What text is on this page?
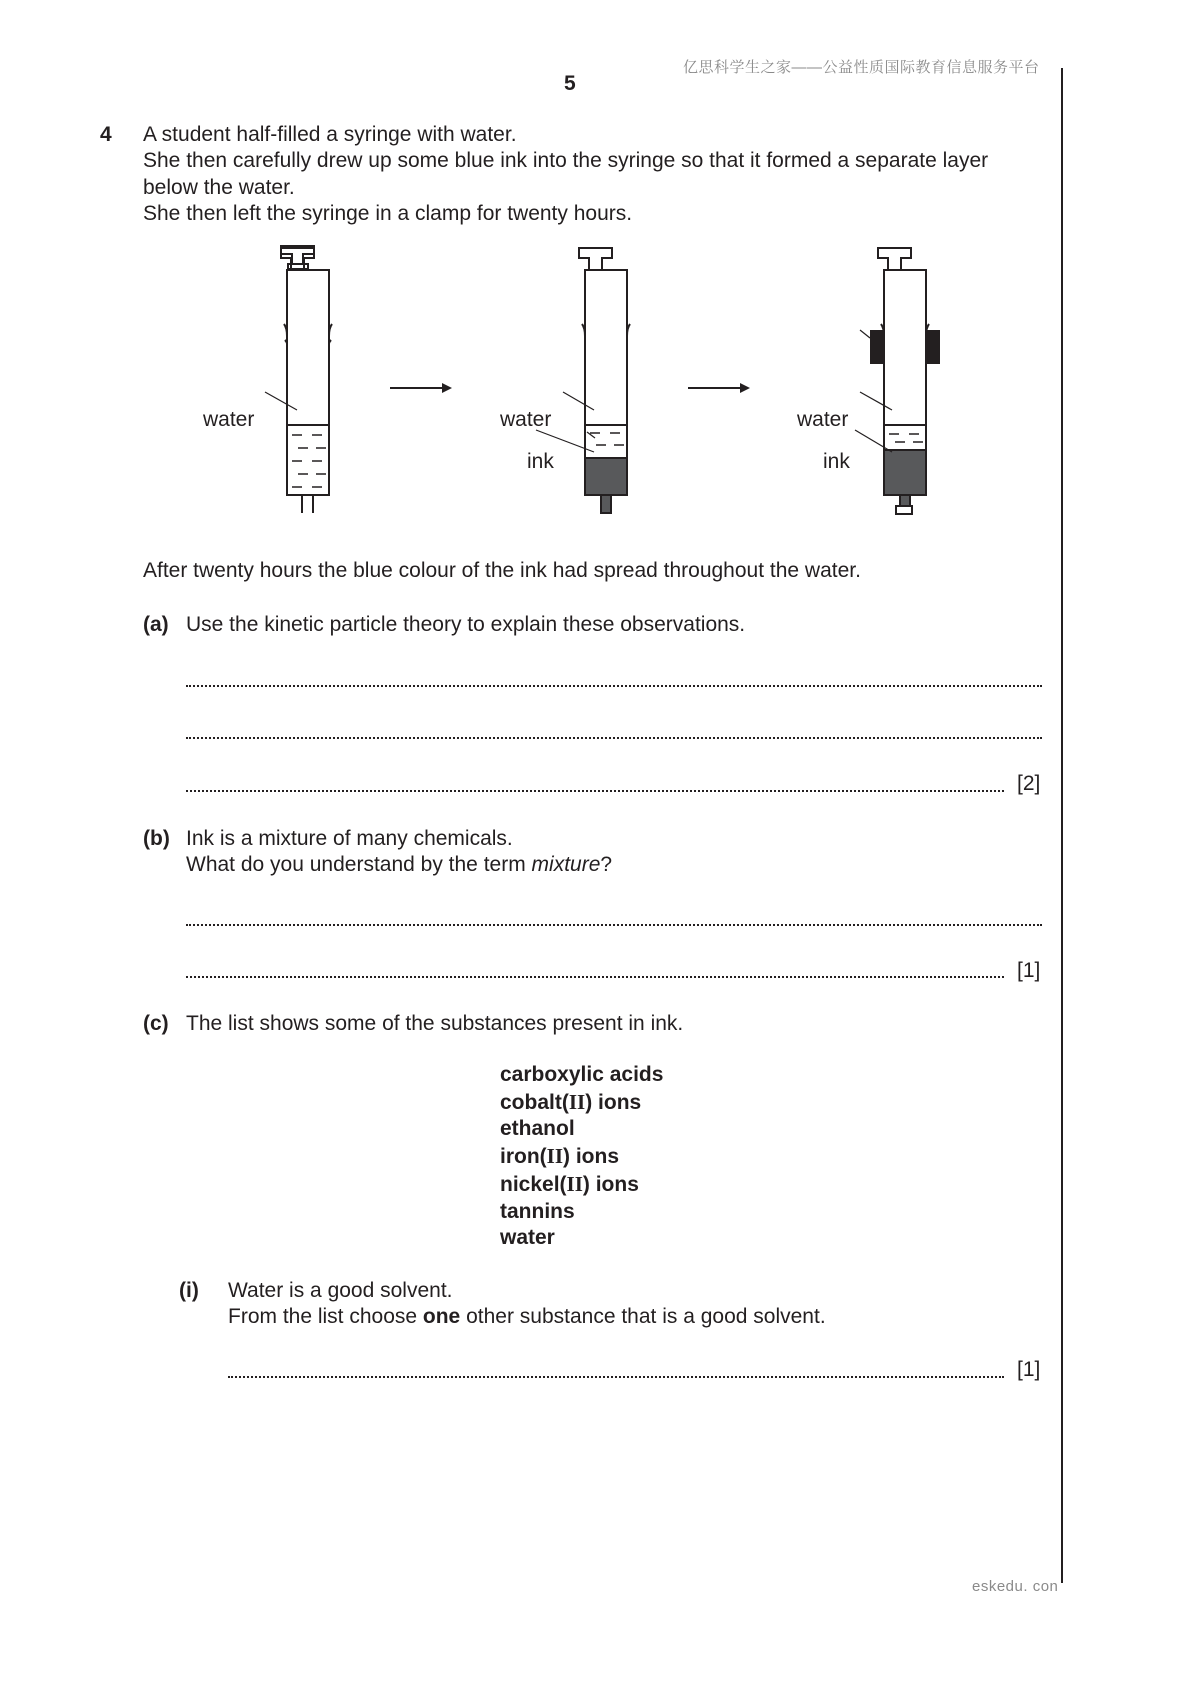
亿思科学生之家——公益性质国际教育信息服务平台
5
4 A student half-filled a syringe with water.
She then carefully drew up some blue ink into the syringe so that it formed a separate layer
below the water.
She then left the syringe in a clamp for twenty hours.
water	water
ink
water
ink
After twenty hours the blue colour of the ink had spread throughout the water.
(a) Use the kinetic particle theory to explain these observations.
[2]
(b) Ink is a mixture of many chemicals.
What do you understand by the term mixture?
[1]
(c) The list shows some of the substances present in ink.
carboxylic acids
cobalt(II) ions
ethanol
iron(II) ions
nickel(II) ions
tannins
water
(i) Water is a good solvent.
From the list choose one other substance that is a good solvent.
[1]
eskedu. con
